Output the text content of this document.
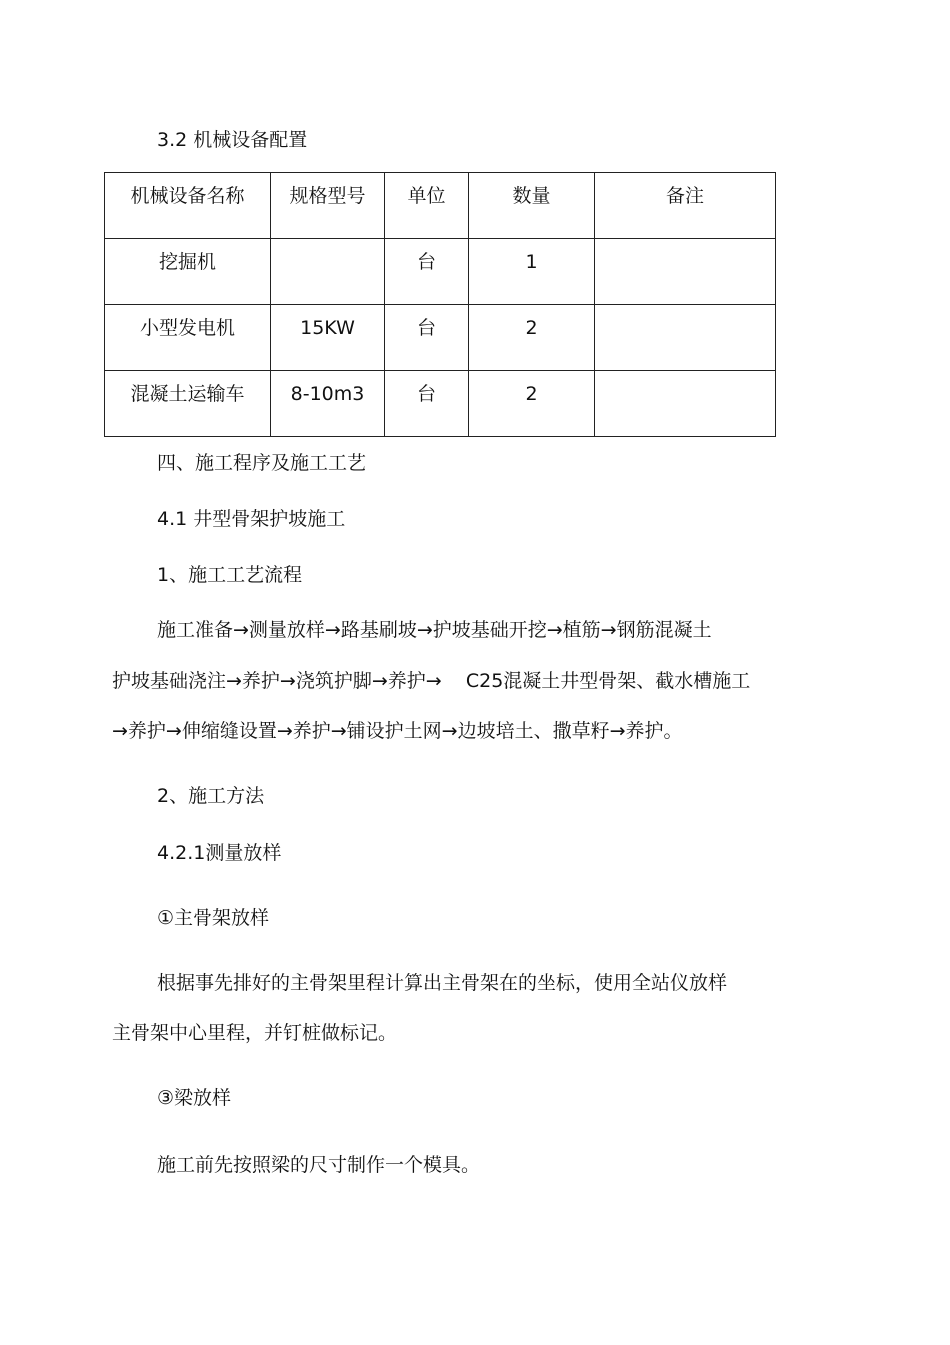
3.2 机械设备配置
机械设备名称	规格型号	单位	数量	备注
挖掘机		台	1	
小型发电机	15KW	台	2	
混凝土运输车	8-10m3	台	2	
四、施工程序及施工工艺
4.1 井型骨架护坡施工
1、施工工艺流程
施工准备→测量放样→路基刷坡→护坡基础开挖→植筋→钢筋混凝土
护坡基础浇注→养护→浇筑护脚→养护→    C25混凝土井型骨架、截水槽施工
→养护→伸缩缝设置→养护→铺设护土网→边坡培土、撒草籽→养护。
2、施工方法
4.2.1测量放样
①主骨架放样
根据事先排好的主骨架里程计算出主骨架在的坐标，使用全站仪放样
主骨架中心里程，并钉桩做标记。
③梁放样
施工前先按照梁的尺寸制作一个模具。
